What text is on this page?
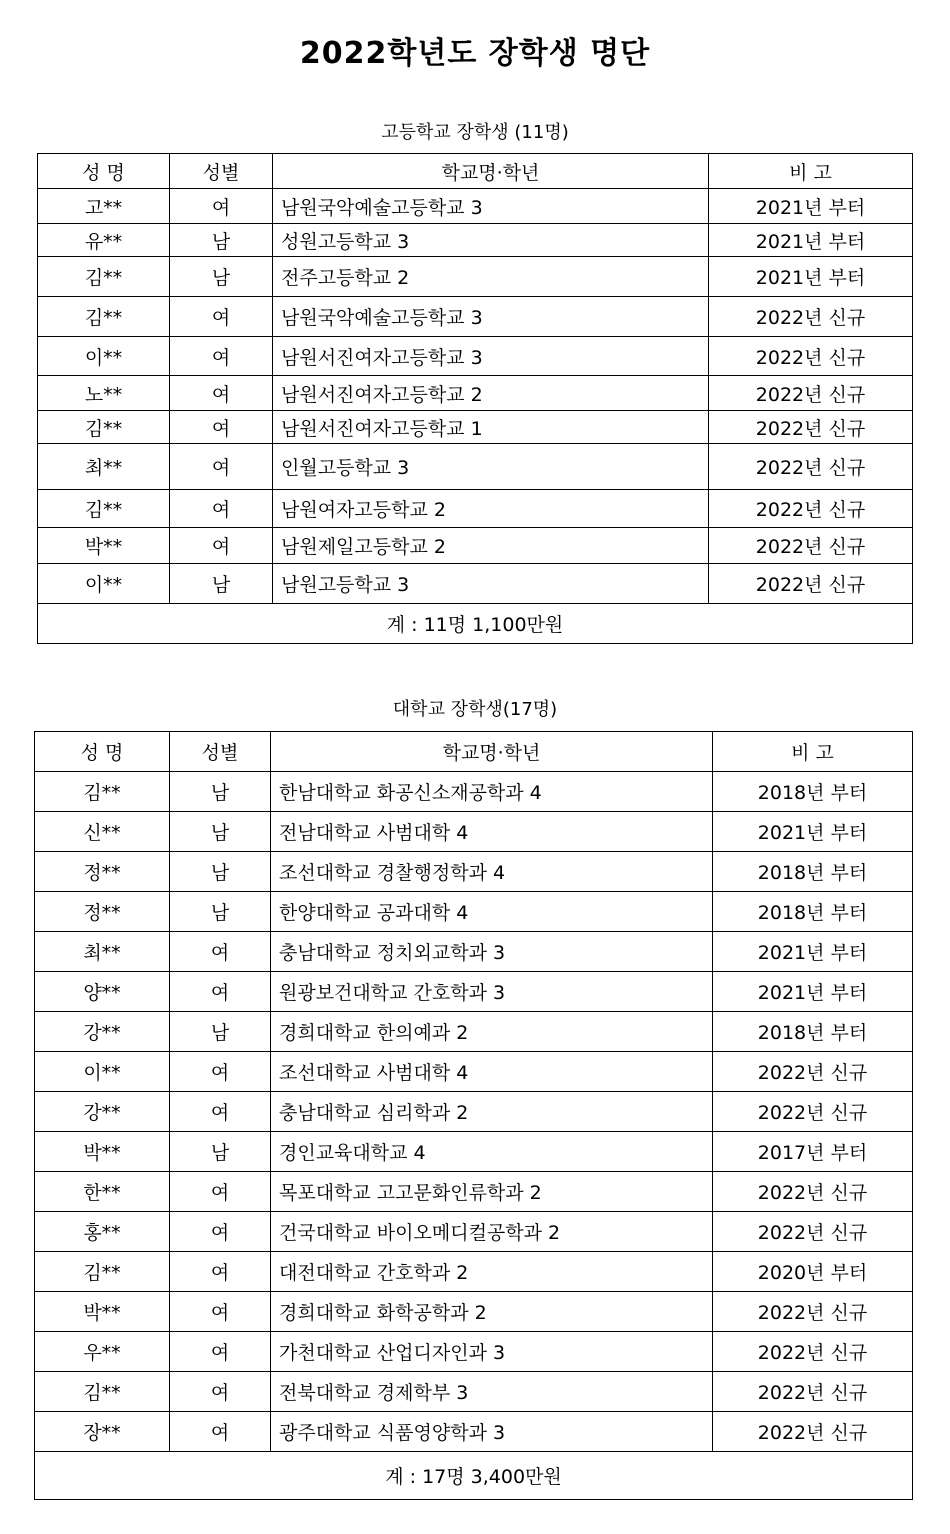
2022학년도 장학생 명단
고등학교 장학생 (11명)
성 명	성별	학교명·학년	비 고
고**	여	남원국악예술고등학교 3	2021년 부터
유**	남	성원고등학교 3	2021년 부터
김**	남	전주고등학교 2	2021년 부터
김**	여	남원국악예술고등학교 3	2022년 신규
이**	여	남원서진여자고등학교 3	2022년 신규
노**	여	남원서진여자고등학교 2	2022년 신규
김**	여	남원서진여자고등학교 1	2022년 신규
최**	여	인월고등학교 3	2022년 신규
김**	여	남원여자고등학교 2	2022년 신규
박**	여	남원제일고등학교 2	2022년 신규
이**	남	남원고등학교 3	2022년 신규
계 : 11명 1,100만원			
대학교 장학생(17명)
성 명	성별	학교명·학년	비 고
김**	남	한남대학교 화공신소재공학과 4	2018년 부터
신**	남	전남대학교 사범대학 4	2021년 부터
정**	남	조선대학교 경찰행정학과 4	2018년 부터
정**	남	한양대학교 공과대학 4	2018년 부터
최**	여	충남대학교 정치외교학과 3	2021년 부터
양**	여	원광보건대학교 간호학과 3	2021년 부터
강**	남	경희대학교 한의예과 2	2018년 부터
이**	여	조선대학교 사범대학 4	2022년 신규
강**	여	충남대학교 심리학과 2	2022년 신규
박**	남	경인교육대학교 4	2017년 부터
한**	여	목포대학교 고고문화인류학과 2	2022년 신규
홍**	여	건국대학교 바이오메디컬공학과 2	2022년 신규
김**	여	대전대학교 간호학과 2	2020년 부터
박**	여	경희대학교 화학공학과 2	2022년 신규
우**	여	가천대학교 산업디자인과 3	2022년 신규
김**	여	전북대학교 경제학부 3	2022년 신규
장**	여	광주대학교 식품영양학과 3	2022년 신규
계 : 17명 3,400만원			
